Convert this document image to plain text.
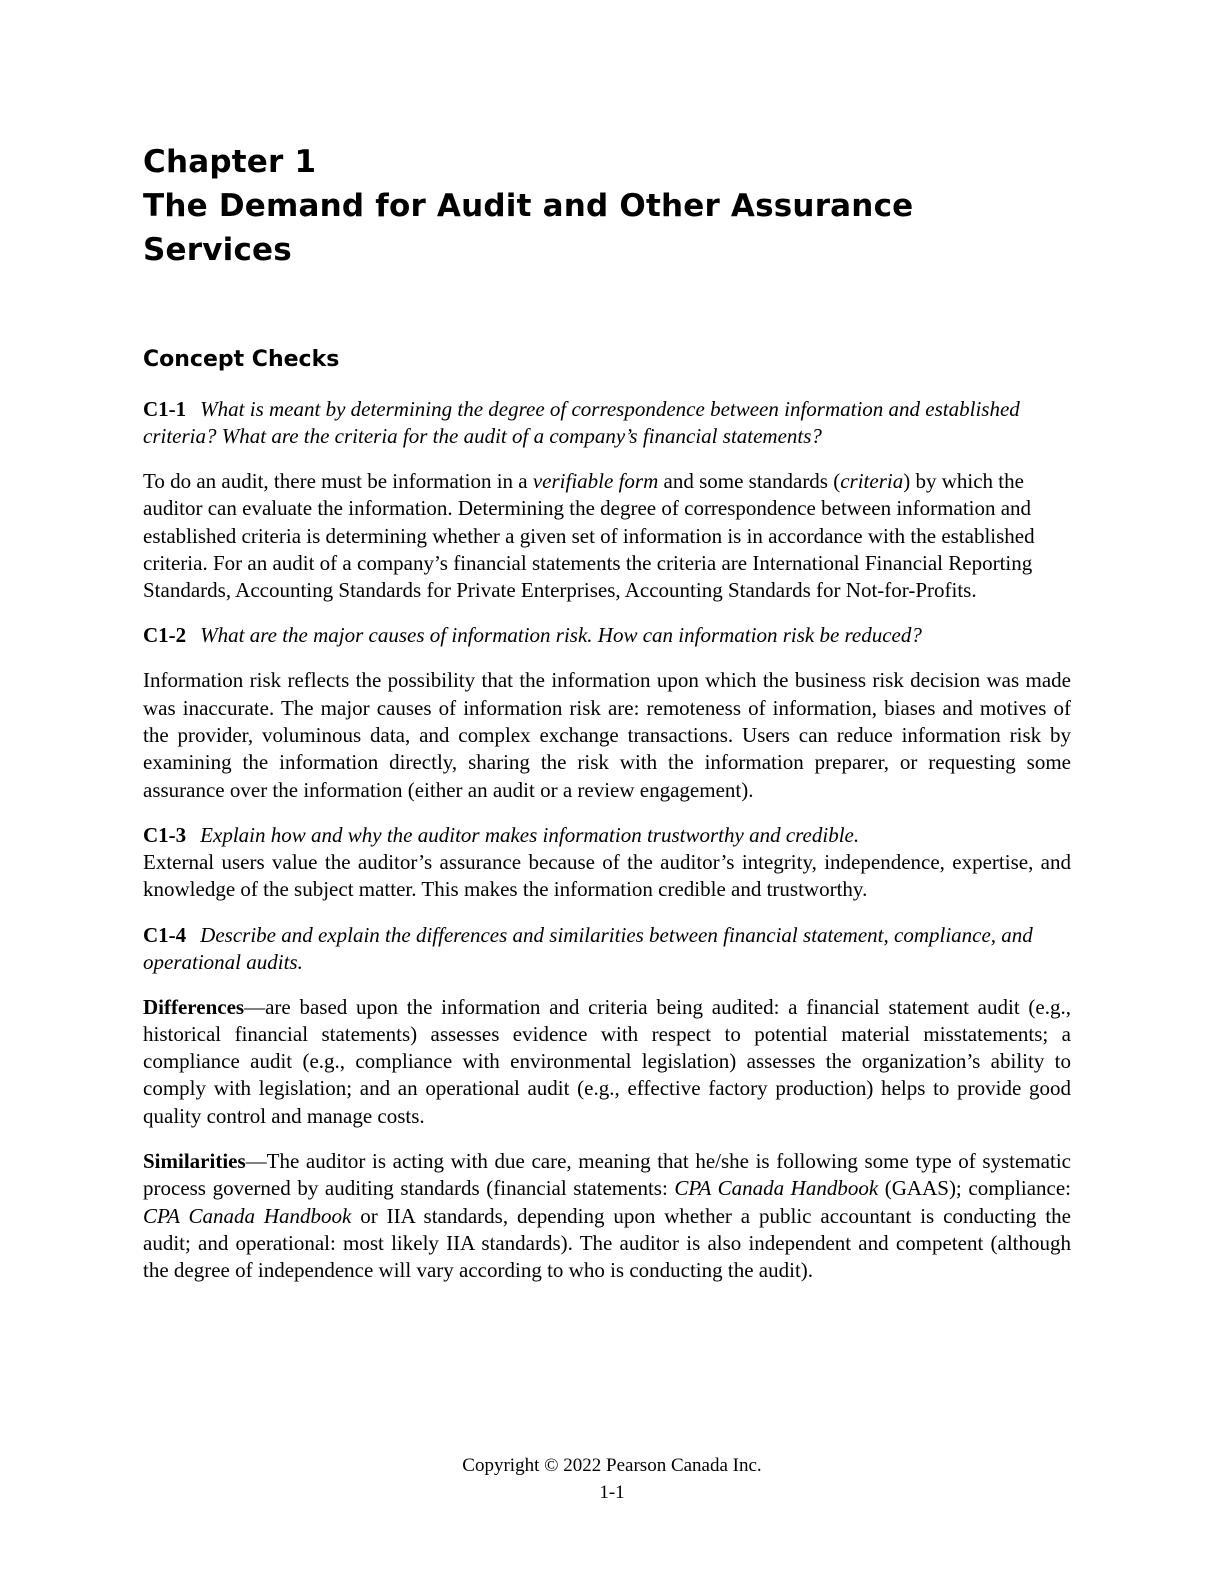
Chapter 1
The Demand for Audit and Other Assurance
Services
Concept Checks

C1-1 What is meant by determining the degree of correspondence between information and established criteria? What are the criteria for the audit of a company’s financial statements?

To do an audit, there must be information in a verifiable form and some standards (criteria) by which the auditor can evaluate the information. Determining the degree of correspondence between information and established criteria is determining whether a given set of information is in accordance with the established criteria. For an audit of a company’s financial statements the criteria are International Financial Reporting Standards, Accounting Standards for Private Enterprises, Accounting Standards for Not-for-Profits.

C1-2 What are the major causes of information risk. How can information risk be reduced?

Information risk reflects the possibility that the information upon which the business risk decision was made was inaccurate. The major causes of information risk are: remoteness of information, biases and motives of the provider, voluminous data, and complex exchange transactions. Users can reduce information risk by examining the information directly, sharing the risk with the information preparer, or requesting some assurance over the information (either an audit or a review engagement).

C1-3 Explain how and why the auditor makes information trustworthy and credible.

External users value the auditor’s assurance because of the auditor’s integrity, independence, expertise, and knowledge of the subject matter. This makes the information credible and trustworthy.

C1-4 Describe and explain the differences and similarities between financial statement, compliance, and operational audits.

Differences—are based upon the information and criteria being audited: a financial statement audit (e.g., historical financial statements) assesses evidence with respect to potential material misstatements; a compliance audit (e.g., compliance with environmental legislation) assesses the organization’s ability to comply with legislation; and an operational audit (e.g., effective factory production) helps to provide good quality control and manage costs.

Similarities—The auditor is acting with due care, meaning that he/she is following some type of systematic process governed by auditing standards (financial statements: CPA Canada Handbook (GAAS); compliance: CPA Canada Handbook or IIA standards, depending upon whether a public accountant is conducting the audit; and operational: most likely IIA standards). The auditor is also independent and competent (although the degree of independence will vary according to who is conducting the audit).

Copyright © 2022 Pearson Canada Inc.
1-1
